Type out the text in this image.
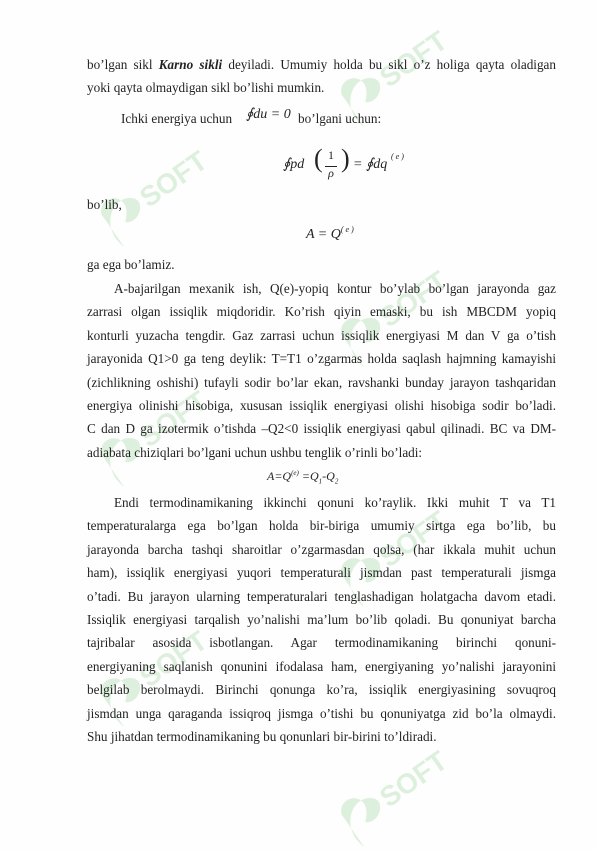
SOFT
SOFT
SOFT
SOFT
SOFT
SOFT
SOFT
bo’lgan sikl Karno sikli deyiladi. Umumiy holda bu sikl o’z holiga qayta oladigan
yoki qayta olmaydigan sikl bo’lishi mumkin.
Ichki energiya uchun ∮du = 0 bo’lgani uchun:
∮pd ( 1
ρ ) = ∮dq
( e )
bo’lib,
$A = Q^{( e )}$
ga ega bo’lamiz.
A-bajarilgan mexanik ish, Q(e)-yopiq kontur bo’ylab bo’lgan jarayonda gaz
zarrasi olgan issiqlik miqdoridir. Ko’rish qiyin emaski, bu ish MBCDM yopiq
konturli yuzacha tengdir. Gaz zarrasi uchun issiqlik energiyasi M dan V ga o’tish
jarayonida Q1>0 ga teng deylik: T=T1 o’zgarmas holda saqlash hajmning kamayishi
(zichlikning oshishi) tufayli sodir bo’lar ekan, ravshanki bunday jarayon tashqaridan
energiya olinishi hisobiga, xususan issiqlik energiyasi olishi hisobiga sodir bo’ladi.
C dan D ga izotermik o’tishda –Q2<0 issiqlik energiyasi qabul qilinadi. BC va DM-
adiabata chiziqlari bo’lgani uchun ushbu tenglik o’rinli bo’ladi:
$A=Q^{(e)} =Q_1-Q_2$
Endi termodinamikaning ikkinchi qonuni ko’raylik. Ikki muhit T va T1
temperaturalarga ega bo’lgan holda bir-biriga umumiy sirtga ega bo’lib, bu
jarayonda barcha tashqi sharoitlar o’zgarmasdan qolsa, (har ikkala muhit uchun
ham), issiqlik energiyasi yuqori temperaturali jismdan past temperaturali jismga
o’tadi. Bu jarayon ularning temperaturalari tenglashadigan holatgacha davom etadi.
Issiqlik energiyasi tarqalish yo’nalishi ma’lum bo’lib qoladi. Bu qonuniyat barcha
tajribalar asosida isbotlangan. Agar termodinamikaning birinchi qonuni-
energiyaning saqlanish qonunini ifodalasa ham, energiyaning yo’nalishi jarayonini
belgilab berolmaydi. Birinchi qonunga ko’ra, issiqlik energiyasining sovuqroq
jismdan unga qaraganda issiqroq jismga o’tishi bu qonuniyatga zid bo’la olmaydi.
Shu jihatdan termodinamikaning bu qonunlari bir-birini to’ldiradi.
